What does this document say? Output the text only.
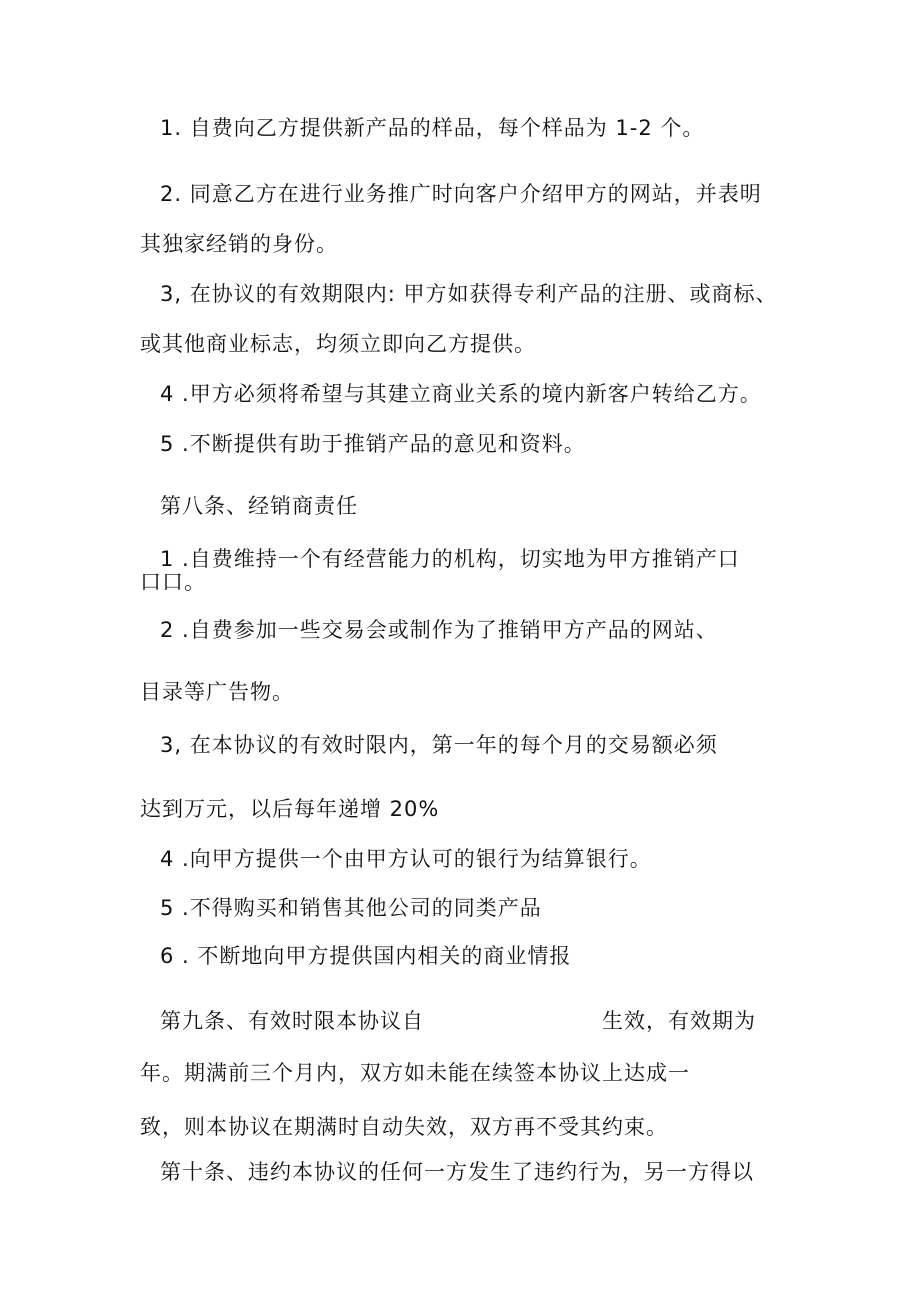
1. 自费向乙方提供新产品的样品，每个样品为 1-2 个。
2. 同意乙方在进行业务推广时向客户介绍甲方的网站，并表明
其独家经销的身份。
3, 在协议的有效期限内: 甲方如获得专利产品的注册、或商标、
或其他商业标志，均须立即向乙方提供。
4 .甲方必须将希望与其建立商业关系的境内新客户转给乙方。
5 .不断提供有助于推销产品的意见和资料。
第八条、经销商责任
1 .自费维持一个有经营能力的机构，切实地为甲方推销产口
口口。
2 .自费参加一些交易会或制作为了推销甲方产品的网站、
目录等广告物。
3, 在本协议的有效时限内，第一年的每个月的交易额必须
达到万元，以后每年递增 20%
4 .向甲方提供一个由甲方认可的银行为结算银行。
5 .不得购买和销售其他公司的同类产品
6 . 不断地向甲方提供国内相关的商业情报
第九条、有效时限本协议自	生效，有效期为
年。期满前三个月内，双方如未能在续签本协议上达成一
致，则本协议在期满时自动失效，双方再不受其约束。
第十条、违约本协议的任何一方发生了违约行为，另一方得以
